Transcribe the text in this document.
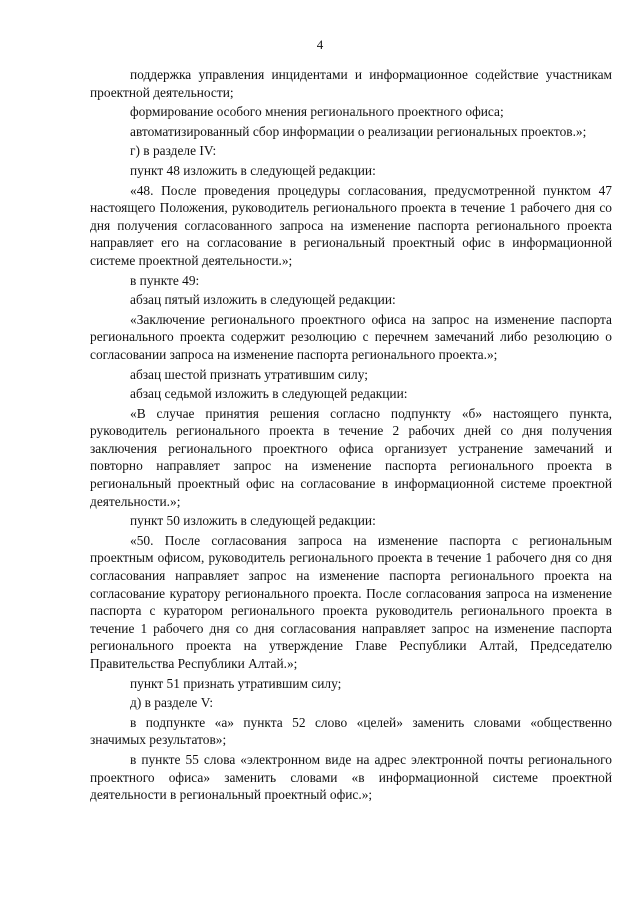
4

поддержка управления инцидентами и информационное содействие участникам проектной деятельности;

формирование особого мнения регионального проектного офиса;

автоматизированный сбор информации о реализации региональных проектов.»;

г) в разделе IV:

пункт 48 изложить в следующей редакции:

«48. После проведения процедуры согласования, предусмотренной пунктом 47 настоящего Положения, руководитель регионального проекта в течение 1 рабочего дня со дня получения согласованного запроса на изменение паспорта регионального проекта направляет его на согласование в региональный проектный офис в информационной системе проектной деятельности.»;

в пункте 49:

абзац пятый изложить в следующей редакции:

«Заключение регионального проектного офиса на запрос на изменение паспорта регионального проекта содержит резолюцию с перечнем замечаний либо резолюцию о согласовании запроса на изменение паспорта регионального проекта.»;

абзац шестой признать утратившим силу;

абзац седьмой изложить в следующей редакции:

«В случае принятия решения согласно подпункту «б» настоящего пункта, руководитель регионального проекта в течение 2 рабочих дней со дня получения заключения регионального проектного офиса организует устранение замечаний и повторно направляет запрос на изменение паспорта регионального проекта в региональный проектный офис на согласование в информационной системе проектной деятельности.»;

пункт 50 изложить в следующей редакции:

«50. После согласования запроса на изменение паспорта с региональным проектным офисом, руководитель регионального проекта в течение 1 рабочего дня со дня согласования направляет запрос на изменение паспорта регионального проекта на согласование куратору регионального проекта. После согласования запроса на изменение паспорта с куратором регионального проекта руководитель регионального проекта в течение 1 рабочего дня со дня согласования направляет запрос на изменение паспорта регионального проекта на утверждение Главе Республики Алтай, Председателю Правительства Республики Алтай.»;

пункт 51 признать утратившим силу;

д) в разделе V:

в подпункте «а» пункта 52 слово «целей» заменить словами «общественно значимых результатов»;

в пункте 55 слова «электронном виде на адрес электронной почты регионального проектного офиса» заменить словами «в информационной системе проектной деятельности в региональный проектный офис.»;
